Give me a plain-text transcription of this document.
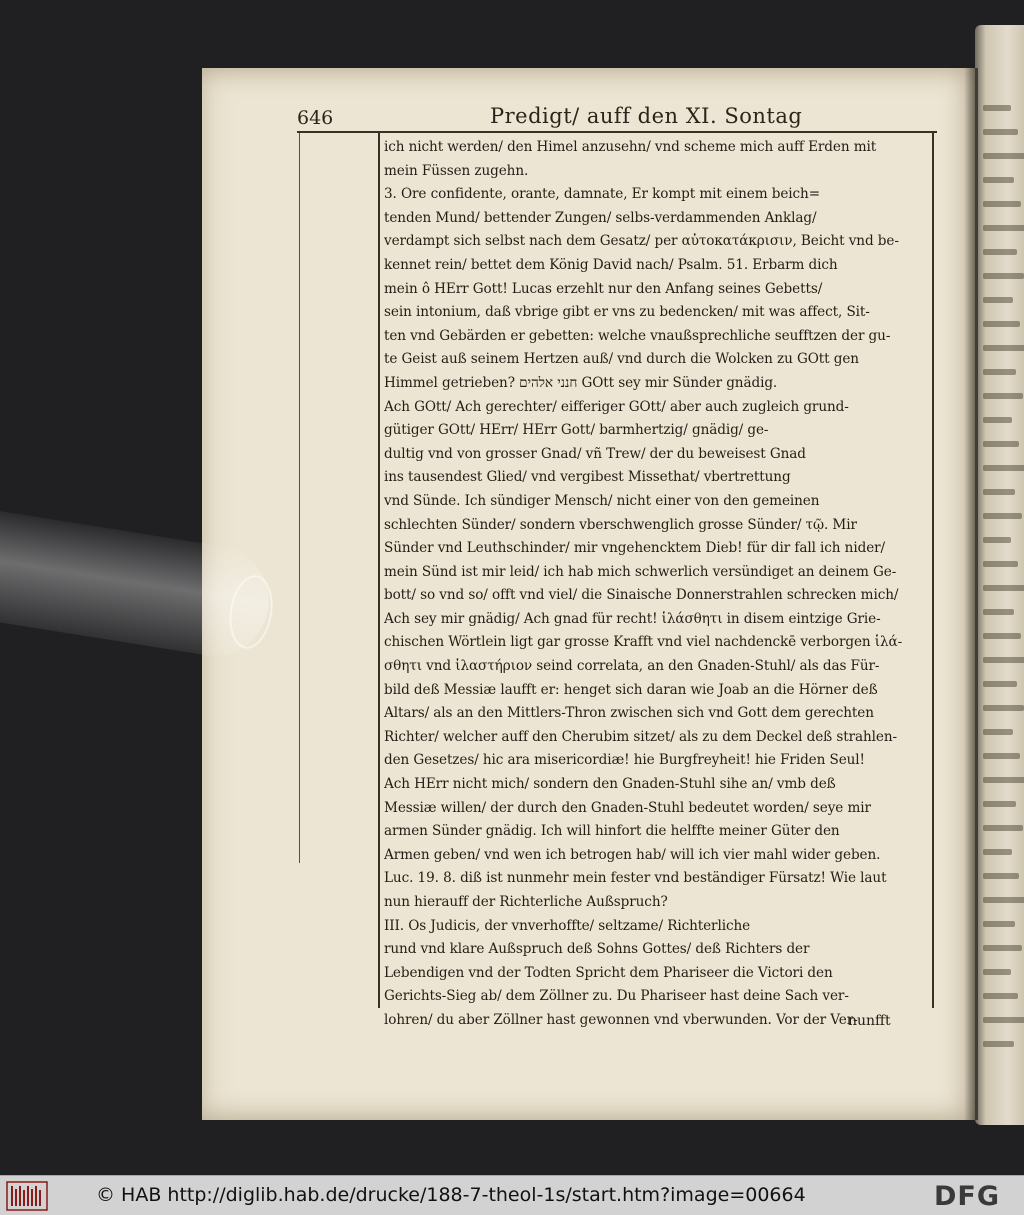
646	Predigt/ auff den XI. Sontag
ich nicht werden/ den Himel anzusehn/ vnd scheme mich auff Erden mit
mein Füssen zugehn.
3. Ore confidente, orante, damnate, Er kompt mit einem beich=
tenden Mund/ bettender Zungen/ selbs-verdammenden Anklag/
verdampt sich selbst nach dem Gesatz/ per αὐτοκατάκρισιν, Beicht vnd be-
kennet rein/ bettet dem König David nach/ Psalm. 51. Erbarm dich
mein ô HErr Gott! Lucas erzehlt nur den Anfang seines Gebetts/
sein intonium, daß vbrige gibt er vns zu bedencken/ mit was affect, Sit-
ten vnd Gebärden er gebetten: welche vnaußsprechliche seufftzen der gu-
te Geist auß seinem Hertzen auß/ vnd durch die Wolcken zu GOtt gen
Himmel getrieben? חנני אלהים GOtt sey mir Sünder gnädig.
Ach GOtt/ Ach gerechter/ eifferiger GOtt/ aber auch zugleich grund-
gütiger GOtt/ HErr/ HErr Gott/ barmhertzig/ gnädig/ ge-
dultig vnd von grosser Gnad/ vñ Trew/ der du beweisest Gnad
ins tausendest Glied/ vnd vergibest Missethat/ vbertrettung
vnd Sünde. Ich sündiger Mensch/ nicht einer von den gemeinen
schlechten Sünder/ sondern vberschwenglich grosse Sünder/ τῷ. Mir
Sünder vnd Leuthschinder/ mir vngehencktem Dieb! für dir fall ich nider/
mein Sünd ist mir leid/ ich hab mich schwerlich versündiget an deinem Ge-
bott/ so vnd so/ offt vnd viel/ die Sinaische Donnerstrahlen schrecken mich/
Ach sey mir gnädig/ Ach gnad für recht! ἱλάσθητι in disem eintzige Grie-
chischen Wörtlein ligt gar grosse Krafft vnd viel nachdenckē verborgen ἱλά-
σθητι vnd ἱλαστήριον seind correlata, an den Gnaden-Stuhl/ als das Für-
bild deß Messiæ laufft er: henget sich daran wie Joab an die Hörner deß
Altars/ als an den Mittlers-Thron zwischen sich vnd Gott dem gerechten
Richter/ welcher auff den Cherubim sitzet/ als zu dem Deckel deß strahlen-
den Gesetzes/ hic ara misericordiæ! hie Burgfreyheit! hie Friden Seul!
Ach HErr nicht mich/ sondern den Gnaden-Stuhl sihe an/ vmb deß
Messiæ willen/ der durch den Gnaden-Stuhl bedeutet worden/ seye mir
armen Sünder gnädig. Ich will hinfort die helffte meiner Güter den
Armen geben/ vnd wen ich betrogen hab/ will ich vier mahl wider geben.
Luc. 19. 8. diß ist nunmehr mein fester vnd beständiger Fürsatz! Wie laut
nun hierauff der Richterliche Außspruch?
III. Os Judicis, der vnverhoffte/ seltzame/ Richterliche
rund vnd klare Außspruch deß Sohns Gottes/ deß Richters der
Lebendigen vnd der Todten Spricht dem Phariseer die Victori den
Gerichts-Sieg ab/ dem Zöllner zu. Du Phariseer hast deine Sach ver-
lohren/ du aber Zöllner hast gewonnen vnd vberwunden. Vor der Ver-
nunfft
© HAB http://diglib.hab.de/drucke/188-7-theol-1s/start.htm?image=00664	DFG
